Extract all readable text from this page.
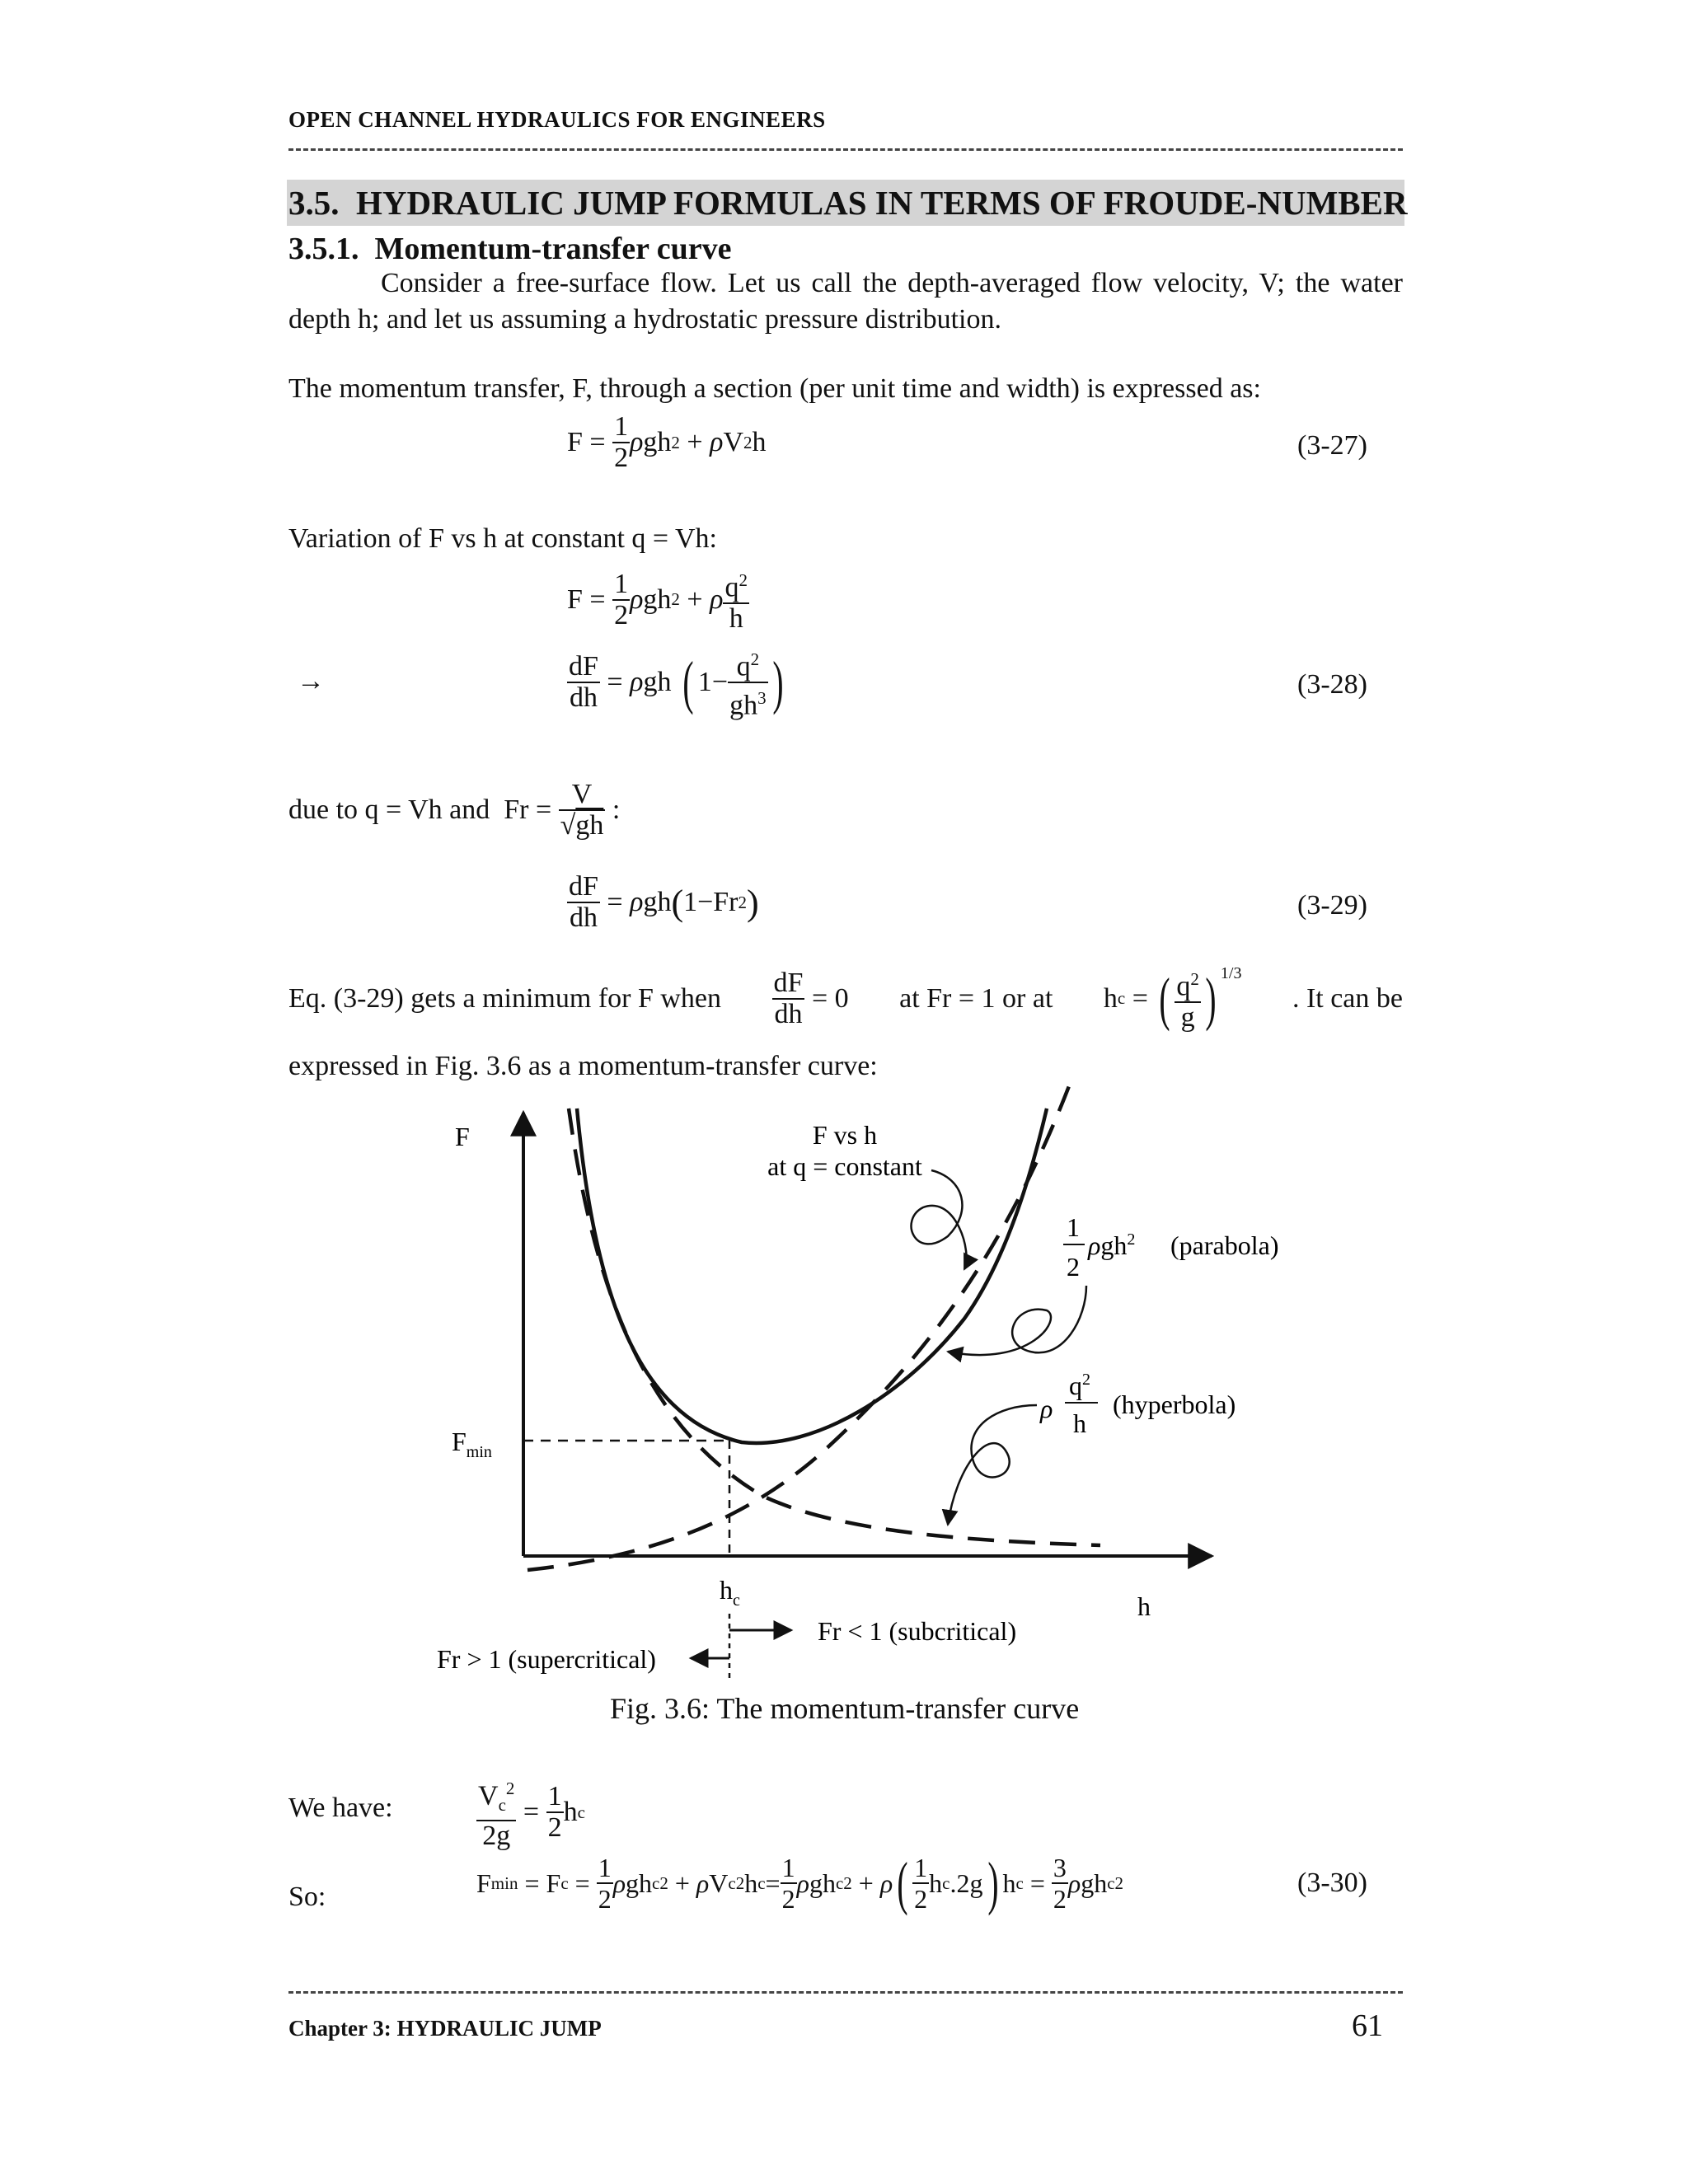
OPEN CHANNEL HYDRAULICS FOR ENGINEERS
3.5. HYDRAULIC JUMP FORMULAS IN TERMS OF FROUDE-NUMBER
3.5.1. Momentum-transfer curve
Consider a free-surface flow. Let us call the depth-averaged flow velocity, V; the water depth h; and let us assuming a hydrostatic pressure distribution.
The momentum transfer, F, through a section (per unit time and width) is expressed as:
$F = \frac{1}{2}$ ρ gh 2 + ρ V 2 h	(3-27)
Variation of F vs h at constant q = Vh:
$F = \frac{1}{2}$ ρ gh 2 + ρ $\frac{q^2}{h}$
→	$\frac{dF}{dh} = \rho$ gh ( $1- \frac{q^2}{gh^3}$ )	(3-28)
due to q = Vh and $Fr = \frac{V}{√gh}$ :
$\frac{dF}{dh} = \rho$ gh ( 1−Fr 2 )	(3-29)
Eq. (3-29) gets a minimum for F when $\frac{dF}{dh} = 0$ at Fr = 1 or at h c = ( $\frac{q^2}{g}$ ) 1/3
. It can be
expressed in Fig. 3.6 as a momentum-transfer curve:
F
h
$F_{min}$
$h_c$
F vs h
at q = constant
1
2
ρgh$^2$ (parabola)
ρ
$q^2$
h
(hyperbola)
Fr < 1 (subcritical)
Fr > 1 (supercritical)
Fig. 3.6: The momentum-transfer curve
We have:	$\frac{V_c^2}{2g} = \frac{1}{2}$ h c
So:	F min = F $c = \frac{1}{2}$ ρ gh c 2 + ρ V c 2 h $c = \frac{1}{2}$ ρ gh c 2 + ρ ( $\frac{1}{2}$ h c .2g ) h $c = \frac{3}{2}$ ρ gh c 2	(3-30)
Chapter 3: HYDRAULIC JUMP	61
